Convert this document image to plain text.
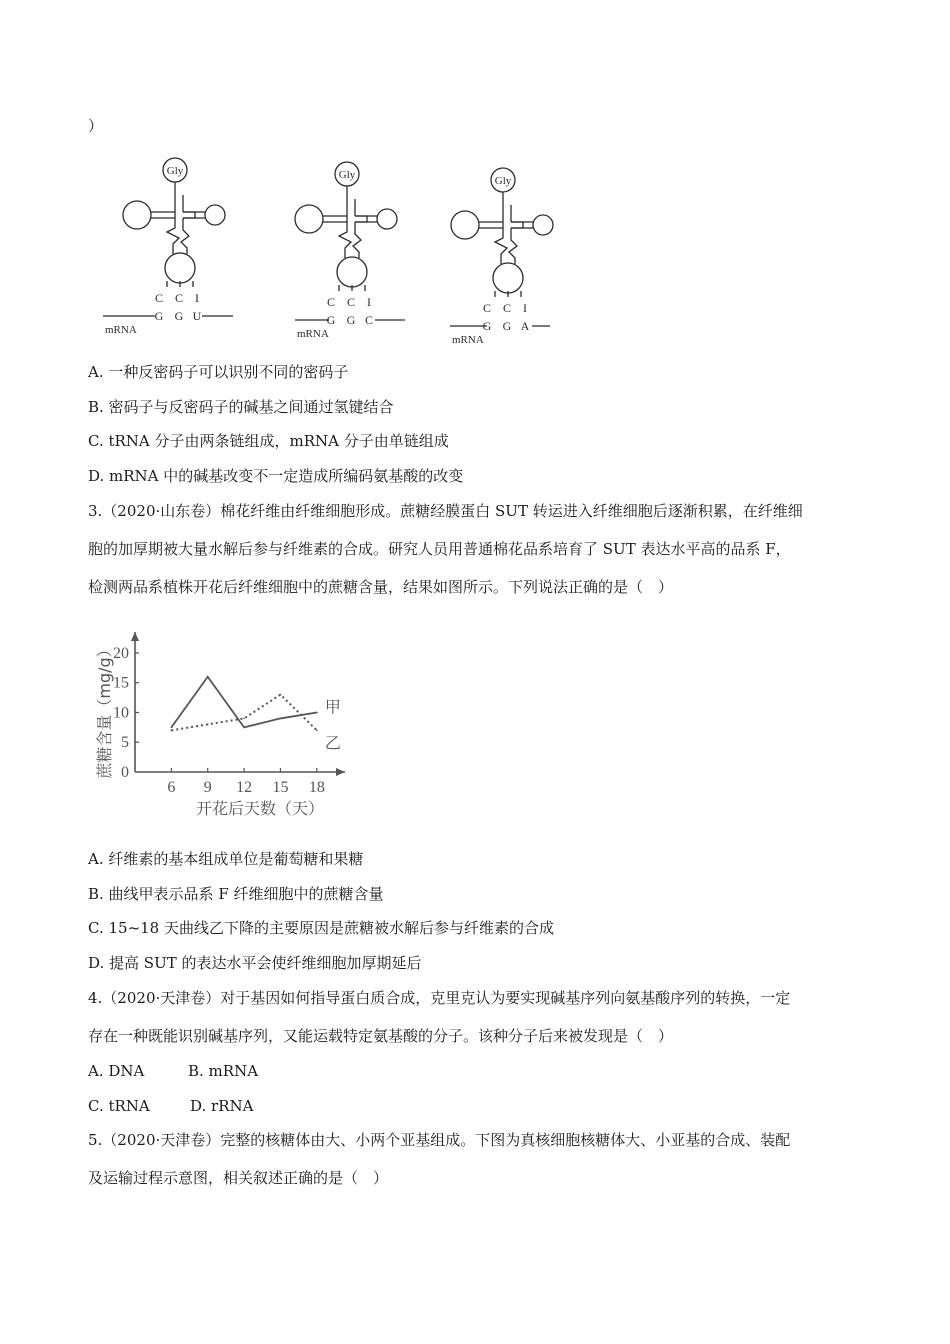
）
Gly
C C I
G G U
mRNA
Gly
C C I
G G C
mRNA
Gly
C C I
G G A
mRNA
A. 一种反密码子可以识别不同的密码子
B. 密码子与反密码子的碱基之间通过氢键结合
C. tRNA 分子由两条链组成，mRNA 分子由单链组成
D. mRNA 中的碱基改变不一定造成所编码氨基酸的改变
3.（2020·山东卷）棉花纤维由纤维细胞形成。蔗糖经膜蛋白 SUT 转运进入纤维细胞后逐渐积累，在纤维细
胞的加厚期被大量水解后参与纤维素的合成。研究人员用普通棉花品系培育了 SUT 表达水平高的品系 F，
检测两品系植株开花后纤维细胞中的蔗糖含量，结果如图所示。下列说法正确的是（　）
6 9 12 15 18
0
5
10
15
20
甲
乙
蔗糖含量（mg/g）
开花后天数（天）
A. 纤维素的基本组成单位是葡萄糖和果糖
B. 曲线甲表示品系 F 纤维细胞中的蔗糖含量
C. 15~18 天曲线乙下降的主要原因是蔗糖被水解后参与纤维素的合成
D. 提高 SUT 的表达水平会使纤维细胞加厚期延后
4.（2020·天津卷）对于基因如何指导蛋白质合成，克里克认为要实现碱基序列向氨基酸序列的转换，一定
存在一种既能识别碱基序列，又能运载特定氨基酸的分子。该种分子后来被发现是（　）
A. DNA	B. mRNA
C. tRNA	D. rRNA
5.（2020·天津卷）完整的核糖体由大、小两个亚基组成。下图为真核细胞核糖体大、小亚基的合成、装配
及运输过程示意图，相关叙述正确的是（　）
